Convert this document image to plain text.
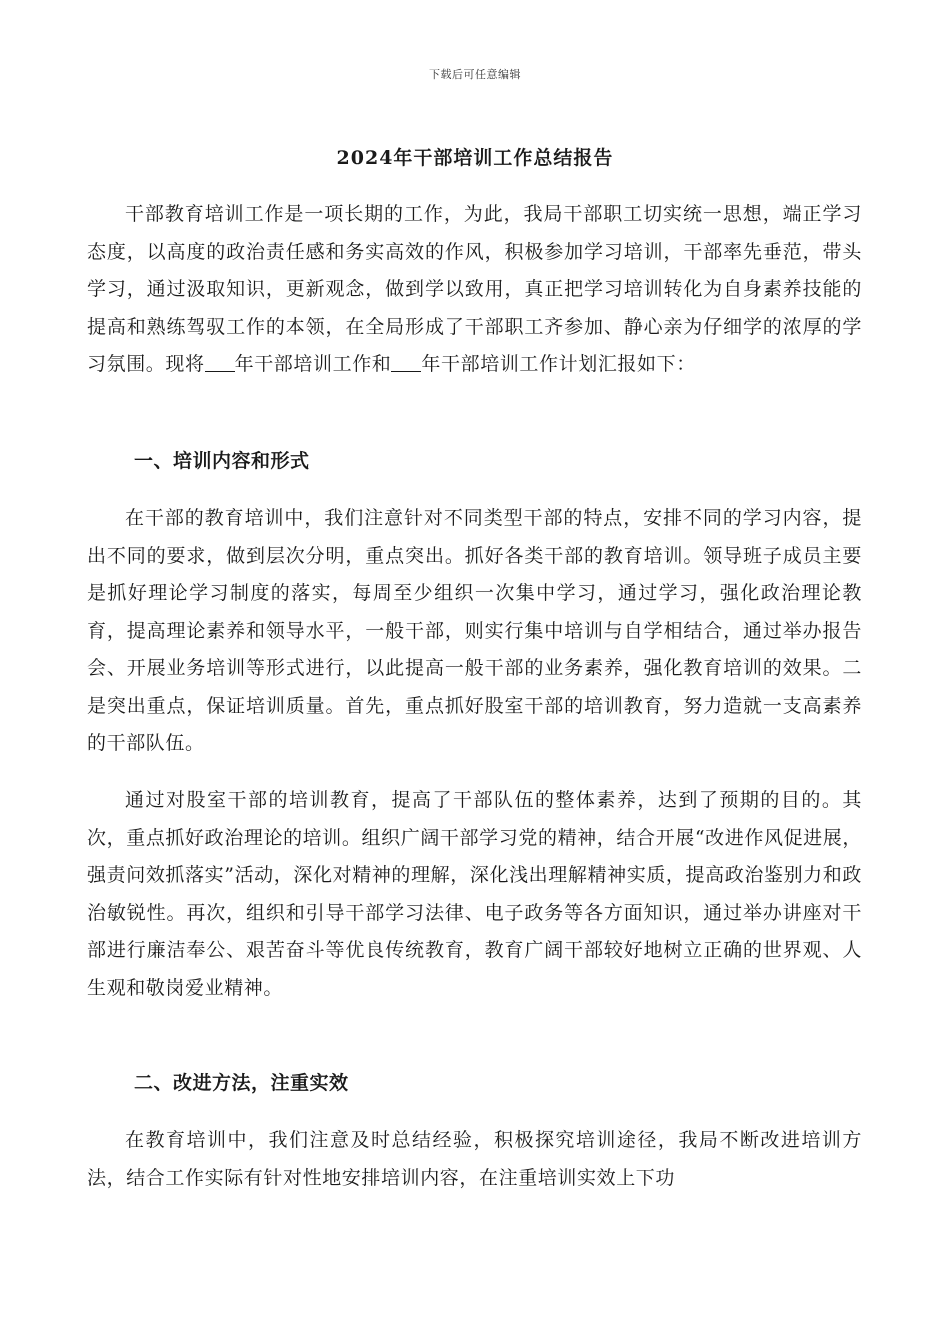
下载后可任意编辑
2024年干部培训工作总结报告

干部教育培训工作是一项长期的工作，为此，我局干部职工切实统一思想，端正学习态度，以高度的政治责任感和务实高效的作风，积极参加学习培训，干部率先垂范，带头学习，通过汲取知识，更新观念，做到学以致用，真正把学习培训转化为自身素养技能的提高和熟练驾驭工作的本领，在全局形成了干部职工齐参加、静心亲为仔细学的浓厚的学习氛围。现将 年干部培训工作和 年干部培训工作计划汇报如下：

一、培训内容和形式

在干部的教育培训中，我们注意针对不同类型干部的特点，安排不同的学习内容，提出不同的要求，做到层次分明，重点突出。抓好各类干部的教育培训。领导班子成员主要是抓好理论学习制度的落实，每周至少组织一次集中学习，通过学习，强化政治理论教育，提高理论素养和领导水平，一般干部，则实行集中培训与自学相结合，通过举办报告会、开展业务培训等形式进行，以此提高一般干部的业务素养，强化教育培训的效果。二是突出重点，保证培训质量。首先，重点抓好股室干部的培训教育，努力造就一支高素养的干部队伍。

通过对股室干部的培训教育，提高了干部队伍的整体素养，达到了预期的目的。其次，重点抓好政治理论的培训。组织广阔干部学习党的精神，结合开展“改进作风促进展，强责问效抓落实”活动，深化对精神的理解，深化浅出理解精神实质，提高政治鉴别力和政治敏锐性。再次，组织和引导干部学习法律、电子政务等各方面知识，通过举办讲座对干部进行廉洁奉公、艰苦奋斗等优良传统教育，教育广阔干部较好地树立正确的世界观、人生观和敬岗爱业精神。

二、改进方法，注重实效

在教育培训中，我们注意及时总结经验，积极探究培训途径，我局不断改进培训方法，结合工作实际有针对性地安排培训内容，在注重培训实效上下功
